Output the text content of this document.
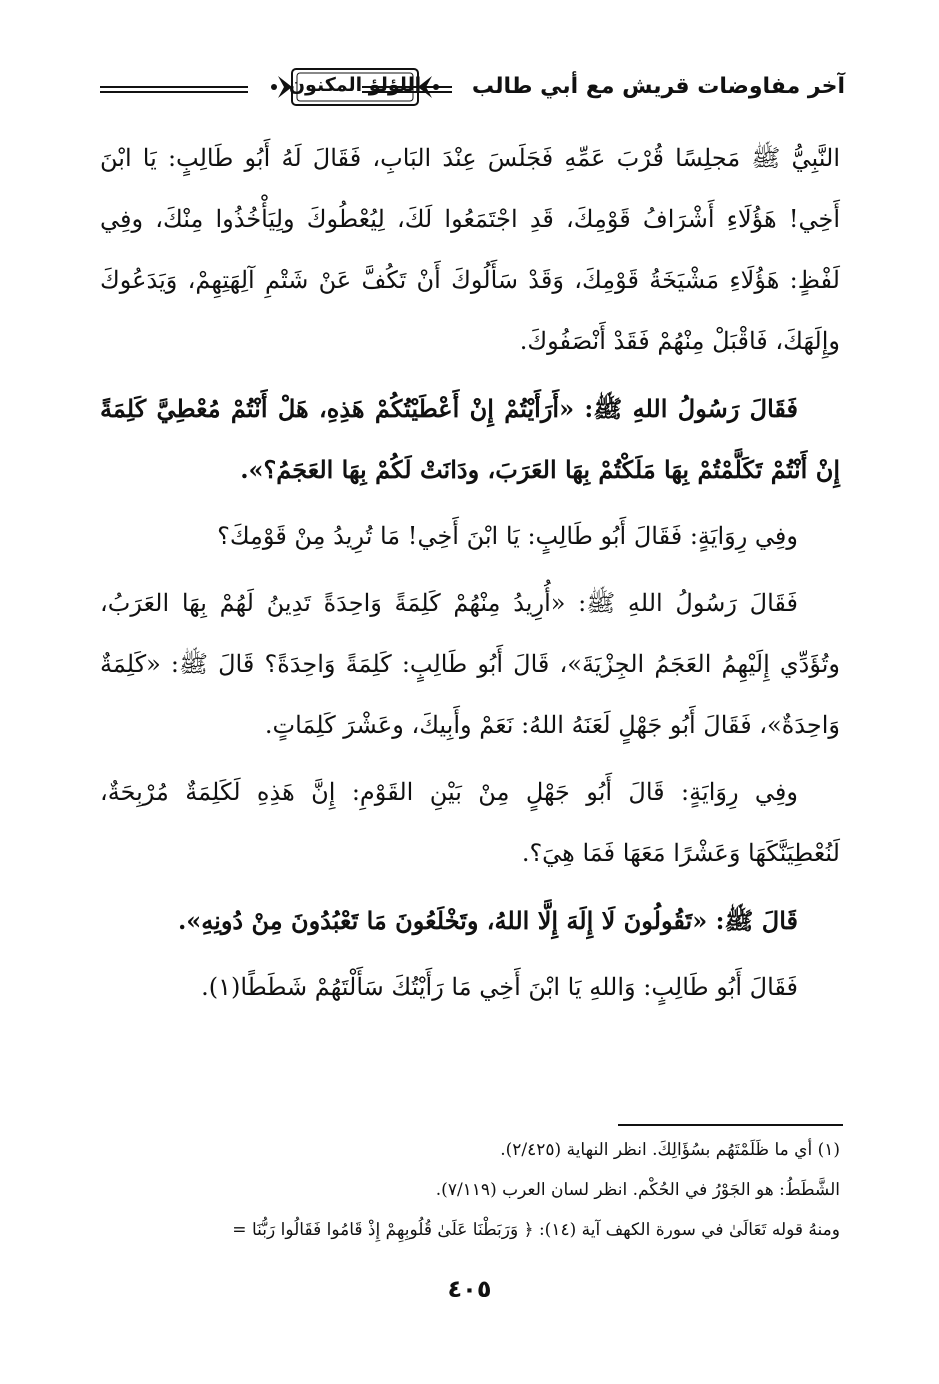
آخر مفاوضات قريش مع أبي طالب
اللؤلؤ المكنون

النَّبِيُّ ﷺ مَجلِسًا قُرْبَ عَمِّهِ فَجَلَسَ عِنْدَ البَابِ، فَقَالَ لَهُ أَبُو طَالِبٍ: يَا ابْنَ أَخِي! هَؤُلَاءِ أَشْرَافُ قَوْمِكَ، قَدِ اجْتَمَعُوا لَكَ، لِيُعْطُوكَ ولِيَأْخُذُوا مِنْكَ، وفِي لَفْظٍ: هَؤُلَاءِ مَشْيَخَةُ قَوْمِكَ، وَقَدْ سَأَلُوكَ أَنْ تَكُفَّ عَنْ شَتْمِ آلِهَتِهِمْ، وَيَدَعُوكَ وإِلَهَكَ، فَاقْبَلْ مِنْهُمْ فَقَدْ أَنْصَفُوكَ.

فَقَالَ رَسُولُ اللهِ ﷺ: «أَرَأَيْتُمْ إِنْ أَعْطَيْتُكُمْ هَذِهِ، هَلْ أَنْتُمْ مُعْطِيَّ كَلِمَةً إِنْ أَنْتُمْ تَكَلَّمْتُمْ بِهَا مَلَكْتُمْ بِهَا العَرَبَ، ودَانَتْ لَكُمْ بِهَا العَجَمُ؟».

وفِي رِوَايَةٍ: فَقَالَ أَبُو طَالِبٍ: يَا ابْنَ أَخِي! مَا تُرِيدُ مِنْ قَوْمِكَ؟

فَقَالَ رَسُولُ اللهِ ﷺ: «أُرِيدُ مِنْهُمْ كَلِمَةً وَاحِدَةً تَدِينُ لَهُمْ بِهَا العَرَبُ، وتُؤَدِّي إِلَيْهِمُ العَجَمُ الجِزْيَةَ»، قَالَ أَبُو طَالِبٍ: كَلِمَةً وَاحِدَةً؟ قَالَ ﷺ: «كَلِمَةٌ وَاحِدَةٌ»، فَقَالَ أَبُو جَهْلٍ لَعَنَهُ اللهُ: نَعَمْ وأَبِيكَ، وعَشْرَ كَلِمَاتٍ.

وفِي رِوَايَةٍ: قَالَ أَبُو جَهْلٍ مِنْ بَيْنِ القَوْمِ: إِنَّ هَذِهِ لَكَلِمَةٌ مُرْبِحَةٌ، لَنُعْطِيَنَّكَهَا وَعَشْرًا مَعَهَا فَمَا هِيَ؟.

قَالَ ﷺ: «تَقُولُونَ لَا إِلَهَ إِلَّا اللهُ، وتَخْلَعُونَ مَا تَعْبُدُونَ مِنْ دُونِهِ».

فَقَالَ أَبُو طَالِبٍ: وَاللهِ يَا ابْنَ أَخِي مَا رَأَيْتُكَ سَأَلْتَهُمْ شَطَطًا(١).

(١) أي ما ظَلَمْتَهُم بسُؤَالِكَ. انظر النهاية (٢/٤٢٥).
الشَّطَطُ: هو الجَوْرُ في الحُكْم. انظر لسان العرب (٧/١١٩).
ومنهُ قوله تَعَالَىٰ في سورة الكهف آية (١٤): ﴿ وَرَبَطْنَا عَلَىٰ قُلُوبِهِمْ إِذْ قَامُوا فَقَالُوا رَبُّنَا =
٤٠٥
